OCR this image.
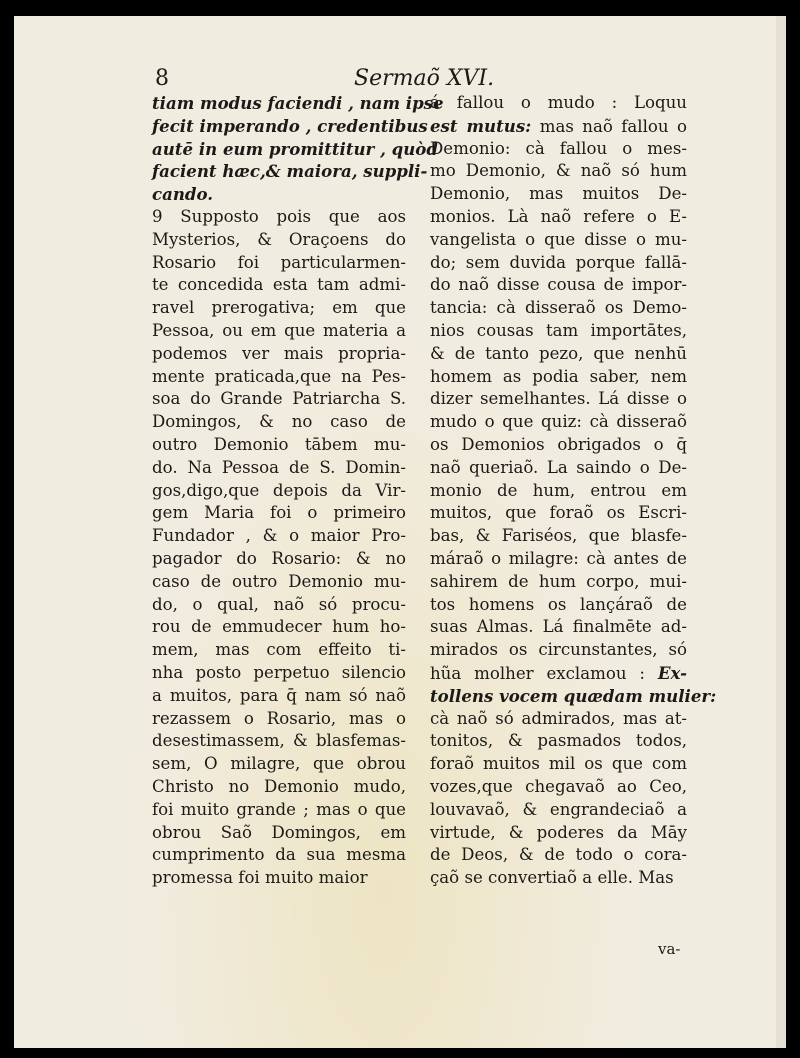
8	Sermaõ XVI.
tiam modus faciendi , nam ipse
fecit imperando , credentibus
autē in eum promittitur , quòd
facient hæc,& maiora, suppli-
cando.
9 Supposto pois que aos
Mysterios, & Oraçoens do
Rosario foi particularmen-
te concedida esta tam admi-
ravel prerogativa; em que
Pessoa, ou em que materia a
podemos ver mais propria-
mente praticada,que na Pes-
soa do Grande Patriarcha S.
Domingos, & no caso de
outro Demonio tābem mu-
do. Na Pessoa de S. Domin-
gos,digo,que depois da Vir-
gem Maria foi o primeiro
Fundador , & o maior Pro-
pagador do Rosario: & no
caso de outro Demonio mu-
do, o qual, naõ só procu-
rou de emmudecer hum ho-
mem, mas com effeito ti-
nha posto perpetuo silencio
a muitos, para q̄ nam só naõ
rezassem o Rosario, mas o
desestimassem, & blasfemas-
sem, O milagre, que obrou
Christo no Demonio mudo,
foi muito grande ; mas o que
obrou Saõ Domingos, em
cumprimento da sua mesma
promessa foi muito maior
á fallou o mudo : Loquu
est mutus: mas naõ fallou o
Demonio: cà fallou o mes-
mo Demonio, & naõ só hum
Demonio, mas muitos De-
monios. Là naõ refere o E-
vangelista o que disse o mu-
do; sem duvida porque fallā-
do naõ disse cousa de impor-
tancia: cà disseraõ os Demo-
nios cousas tam importātes,
& de tanto pezo, que nenhū
homem as podia saber, nem
dizer semelhantes. Lá disse o
mudo o que quiz: cà disseraõ
os Demonios obrigados o q̄
naõ queriaõ. La saindo o De-
monio de hum, entrou em
muitos, que foraõ os Escri-
bas, & Fariséos, que blasfe-
máraõ o milagre: cà antes de
sahirem de hum corpo, mui-
tos homens os lançáraõ de
suas Almas. Lá finalmēte ad-
mirados os circunstantes, só
hũa molher exclamou : Ex-
tollens vocem quædam mulier:
cà naõ só admirados, mas at-
tonitos, & pasmados todos,
foraõ muitos mil os que com
vozes,que chegavaõ ao Ceo,
louvavaõ, & engrandeciaõ a
virtude, & poderes da Māy
de Deos, & de todo o cora-
çaõ se convertiaõ a elle. Mas
va-
